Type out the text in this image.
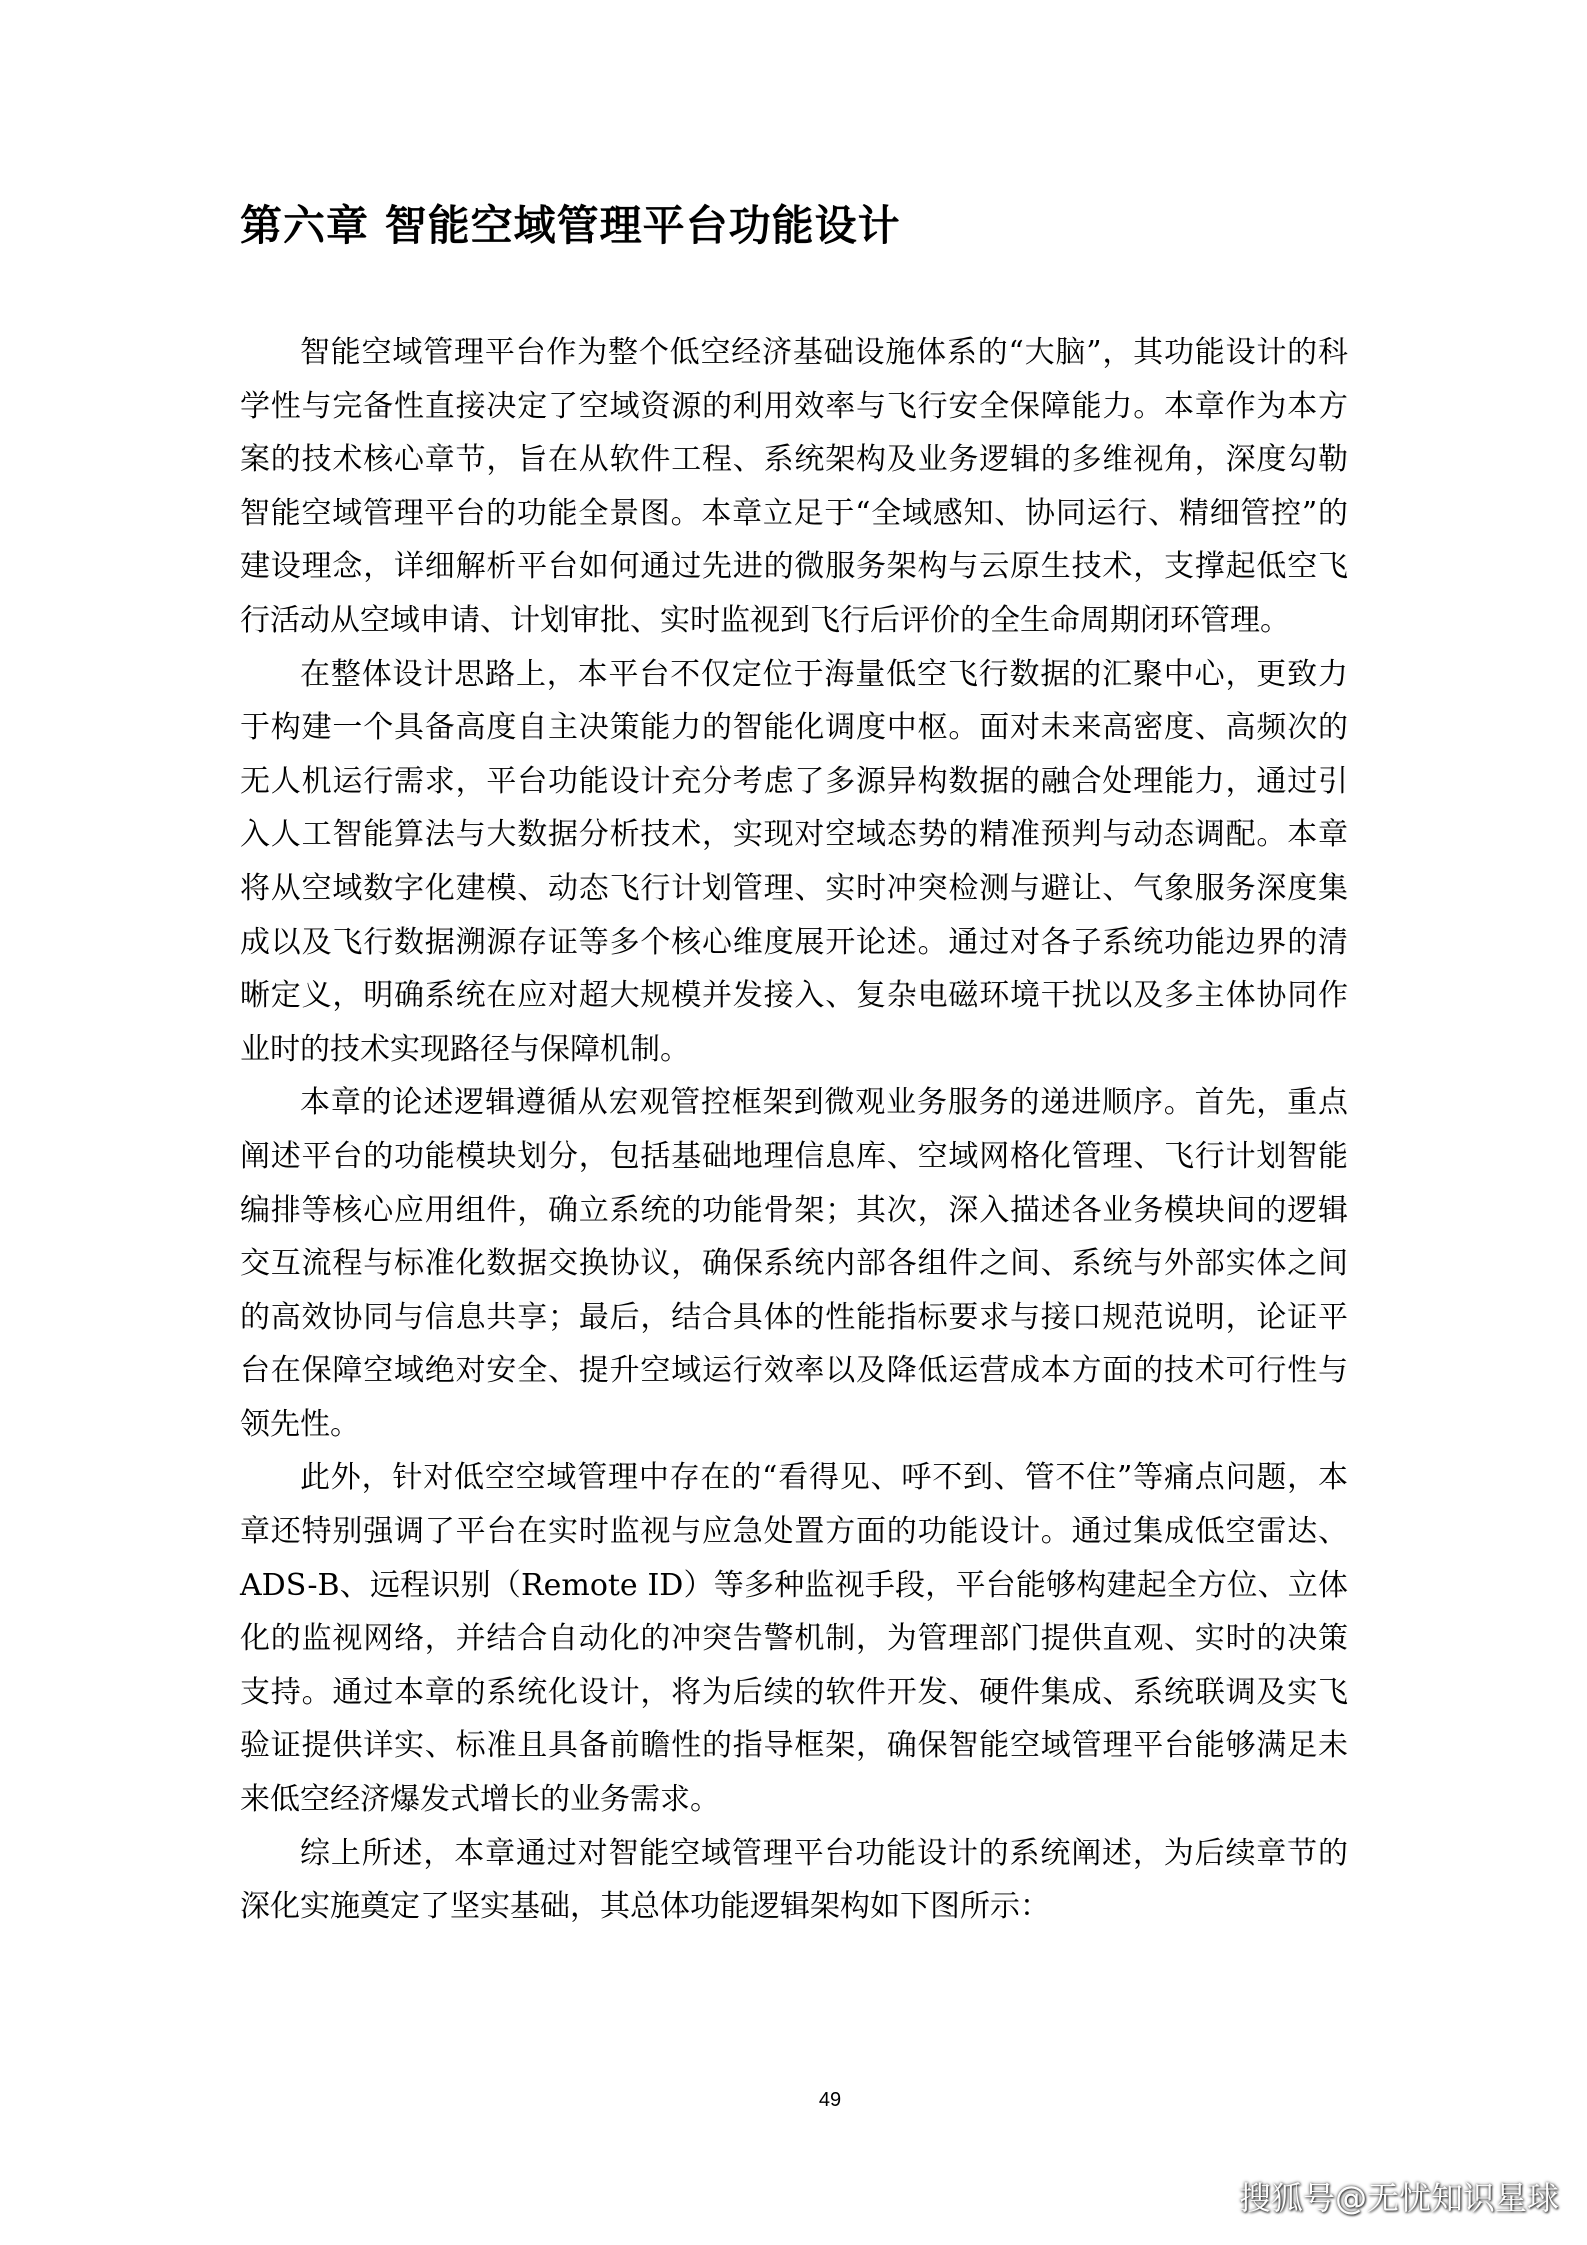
第六章 智能空域管理平台功能设计

智能空域管理平台作为整个低空经济基础设施体系的“大脑”，其功能设计的科学性与完备性直接决定了空域资源的利用效率与飞行安全保障能力。本章作为本方案的技术核心章节，旨在从软件工程、系统架构及业务逻辑的多维视角，深度勾勒智能空域管理平台的功能全景图。本章立足于“全域感知、协同运行、精细管控”的建设理念，详细解析平台如何通过先进的微服务架构与云原生技术，支撑起低空飞行活动从空域申请、计划审批、实时监视到飞行后评价的全生命周期闭环管理。

在整体设计思路上，本平台不仅定位于海量低空飞行数据的汇聚中心，更致力于构建一个具备高度自主决策能力的智能化调度中枢。面对未来高密度、高频次的无人机运行需求，平台功能设计充分考虑了多源异构数据的融合处理能力，通过引入人工智能算法与大数据分析技术，实现对空域态势的精准预判与动态调配。本章将从空域数字化建模、动态飞行计划管理、实时冲突检测与避让、气象服务深度集成以及飞行数据溯源存证等多个核心维度展开论述。通过对各子系统功能边界的清晰定义，明确系统在应对超大规模并发接入、复杂电磁环境干扰以及多主体协同作业时的技术实现路径与保障机制。

本章的论述逻辑遵循从宏观管控框架到微观业务服务的递进顺序。首先，重点阐述平台的功能模块划分，包括基础地理信息库、空域网格化管理、飞行计划智能编排等核心应用组件，确立系统的功能骨架；其次，深入描述各业务模块间的逻辑交互流程与标准化数据交换协议，确保系统内部各组件之间、系统与外部实体之间的高效协同与信息共享；最后，结合具体的性能指标要求与接口规范说明，论证平台在保障空域绝对安全、提升空域运行效率以及降低运营成本方面的技术可行性与领先性。

此外，针对低空空域管理中存在的“看得见、呼不到、管不住”等痛点问题，本章还特别强调了平台在实时监视与应急处置方面的功能设计。通过集成低空雷达、ADS-B、远程识别（Remote ID）等多种监视手段，平台能够构建起全方位、立体化的监视网络，并结合自动化的冲突告警机制，为管理部门提供直观、实时的决策支持。通过本章的系统化设计，将为后续的软件开发、硬件集成、系统联调及实飞验证提供详实、标准且具备前瞻性的指导框架，确保智能空域管理平台能够满足未来低空经济爆发式增长的业务需求。

综上所述，本章通过对智能空域管理平台功能设计的系统阐述，为后续章节的深化实施奠定了坚实基础，其总体功能逻辑架构如下图所示：

49
搜狐号@无忧知识星球
